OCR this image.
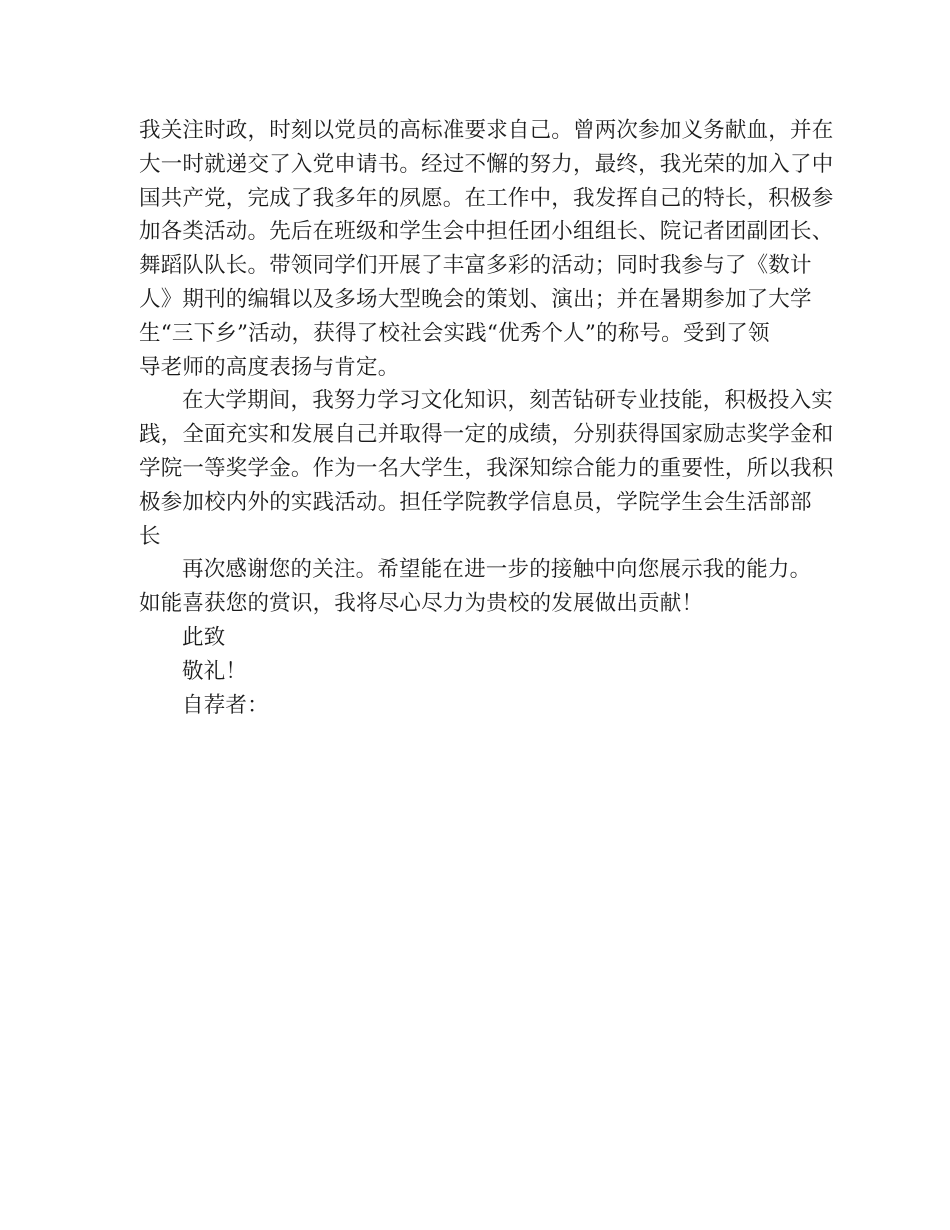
我关注时政，时刻以党员的高标准要求自己。曾两次参加义务献血，并在
大一时就递交了入党申请书。经过不懈的努力，最终，我光荣的加入了中
国共产党，完成了我多年的夙愿。在工作中，我发挥自己的特长，积极参
加各类活动。先后在班级和学生会中担任团小组组长、院记者团副团长、
舞蹈队队长。带领同学们开展了丰富多彩的活动；同时我参与了《数计
人》期刊的编辑以及多场大型晚会的策划、演出；并在暑期参加了大学
生“三下乡”活动，获得了校社会实践“优秀个人”的称号。受到了领
导老师的高度表扬与肯定。
在大学期间，我努力学习文化知识，刻苦钻研专业技能，积极投入实
践，全面充实和发展自己并取得一定的成绩，分别获得国家励志奖学金和
学院一等奖学金。作为一名大学生，我深知综合能力的重要性，所以我积
极参加校内外的实践活动。担任学院教学信息员，学院学生会生活部部
长
再次感谢您的关注。希望能在进一步的接触中向您展示我的能力。
如能喜获您的赏识，我将尽心尽力为贵校的发展做出贡献！
此致
敬礼！
自荐者：
